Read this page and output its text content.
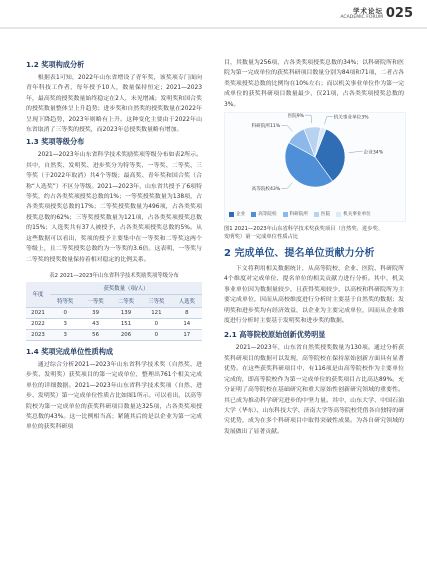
学术论坛
ACADEMIC FORUM 025
1.2 奖项构成分析

根据表1可知，2022年山东省增设了青年奖，该奖项专门面向青年科技工作者，每年授予10人，数量保持恒定；2021—2023年，最高奖的授奖数量始终稳定在2人，未见增减；发明奖和国合奖的授奖数量整体呈上升趋势；进步奖和自然奖的授奖数量在2022年呈现下降趋势，2023年则略有上升。这种变化主要由于2022年山东省取消了三等奖的授奖，而2023年总授奖数量略有增加。

1.3 奖项等级分布

2021—2023年山东省科学技术奖励奖项等级分布如表2所示。其中，自然奖、发明奖、进步奖分为特等奖、一等奖、二等奖、三等奖（于2022年取消）共4个等级；最高奖、青年奖和国合奖（合称“人选奖”）不区分等级。2021—2023年，山东省共授予了6项特等奖，约占各类奖项授奖总数的1%；一等奖授奖数量为138项，占各类奖项授奖总数的17%；二等奖授奖数量为496项，占各类奖项授奖总数的62%；三等奖授奖数量为121项，占各类奖项授奖总数的15%；人选奖共有37人被授予，占各类奖项授奖总数的5%。从这些数据可以看出，奖项的授予主要集中在一等奖和二等奖这两个等级上，且二等奖授奖总数约为一等奖的3.6倍。这表明，一等奖与二等奖的授奖数量保持着相对稳定的比例关系。

表2 2021—2023年山东省科学技术奖励奖项等级分布
年度	获奖数量（项/人）				
	特等奖	一等奖	二等奖	三等奖	人选奖
2021	0	39	139	121	8
2022	3	43	151	0	14
2023	3	56	206	0	17
1.4 奖项完成单位性质构成

通过综合分析2021—2023年山东省科学技术奖（自然奖、进步奖、发明奖）获奖项目的第一完成单位，整理出761个相关完成单位的详细数据。2021—2023年山东省科学技术奖项（自然、进步、发明奖）第一完成单位性质占比如图1所示。可以看出，以高等院校为第一完成单位的获奖科研项目数量达325项，占各类奖项授奖总数的43%。这一比例相当高；紧随其后的是以企业为第一完成单位的获奖科研项

目，其数量为256项，占各类奖项授奖总数的34%；以科研院所和医院为第一完成单位的获奖科研项目数量分别为84项和71项，二者占各类奖项授奖总数的比例均在10%左右；而以机关事业单位作为第一完成单位的获奖科研项目数量最少，仅21项，占各类奖项授奖总数的3%。

企业34%
高等院校43%
科研院所11%
医院9%	机关事业单位3%
企业	高等院校	科研院所	医院	机关事业单位
图1 2021—2023年山东省科学技术奖获奖项目（自然奖、进步奖、
发明奖）第一完成单位性质占比
2 完成单位、提名单位贡献力分析

下文将利用相关数据统计，从高等院校、企业、医院、科研院所4个维度对完成单位、提名单位的相关贡献力进行分析。其中，机关事业单位因为数据量较少，且获得奖项较少，以高校和科研院所为主要完成单位，因而从高校维度进行分析时主要基于自然奖的数据；发明奖和进步奖均有经济效益，以企业为主要完成单位，因而从企业维度进行分析时主要基于发明奖和进步奖的数据。

2.1 高等院校原始创新优势明显

2021—2023年，山东省自然奖授奖数量为130项。通过分析获奖科研项目的数据可以发现，高等院校在保持原始创新方面具有显著优势。在这些获奖科研项目中，有116项是由高等院校作为主要单位完成的，即高等院校作为第一完成单位的获奖项目占比高达89%。充分证明了高等院校在基础研究和重大原始性创新研究领域的重要性。其已成为推动科学研究进步的中坚力量。其中，山东大学、中国石油大学（华东）、山东科技大学、济南大学等高等院校凭借各自独特的研究优势，成为在多个科研项目中取得突破性成果。为各自研究领域的发展做出了显著贡献。
